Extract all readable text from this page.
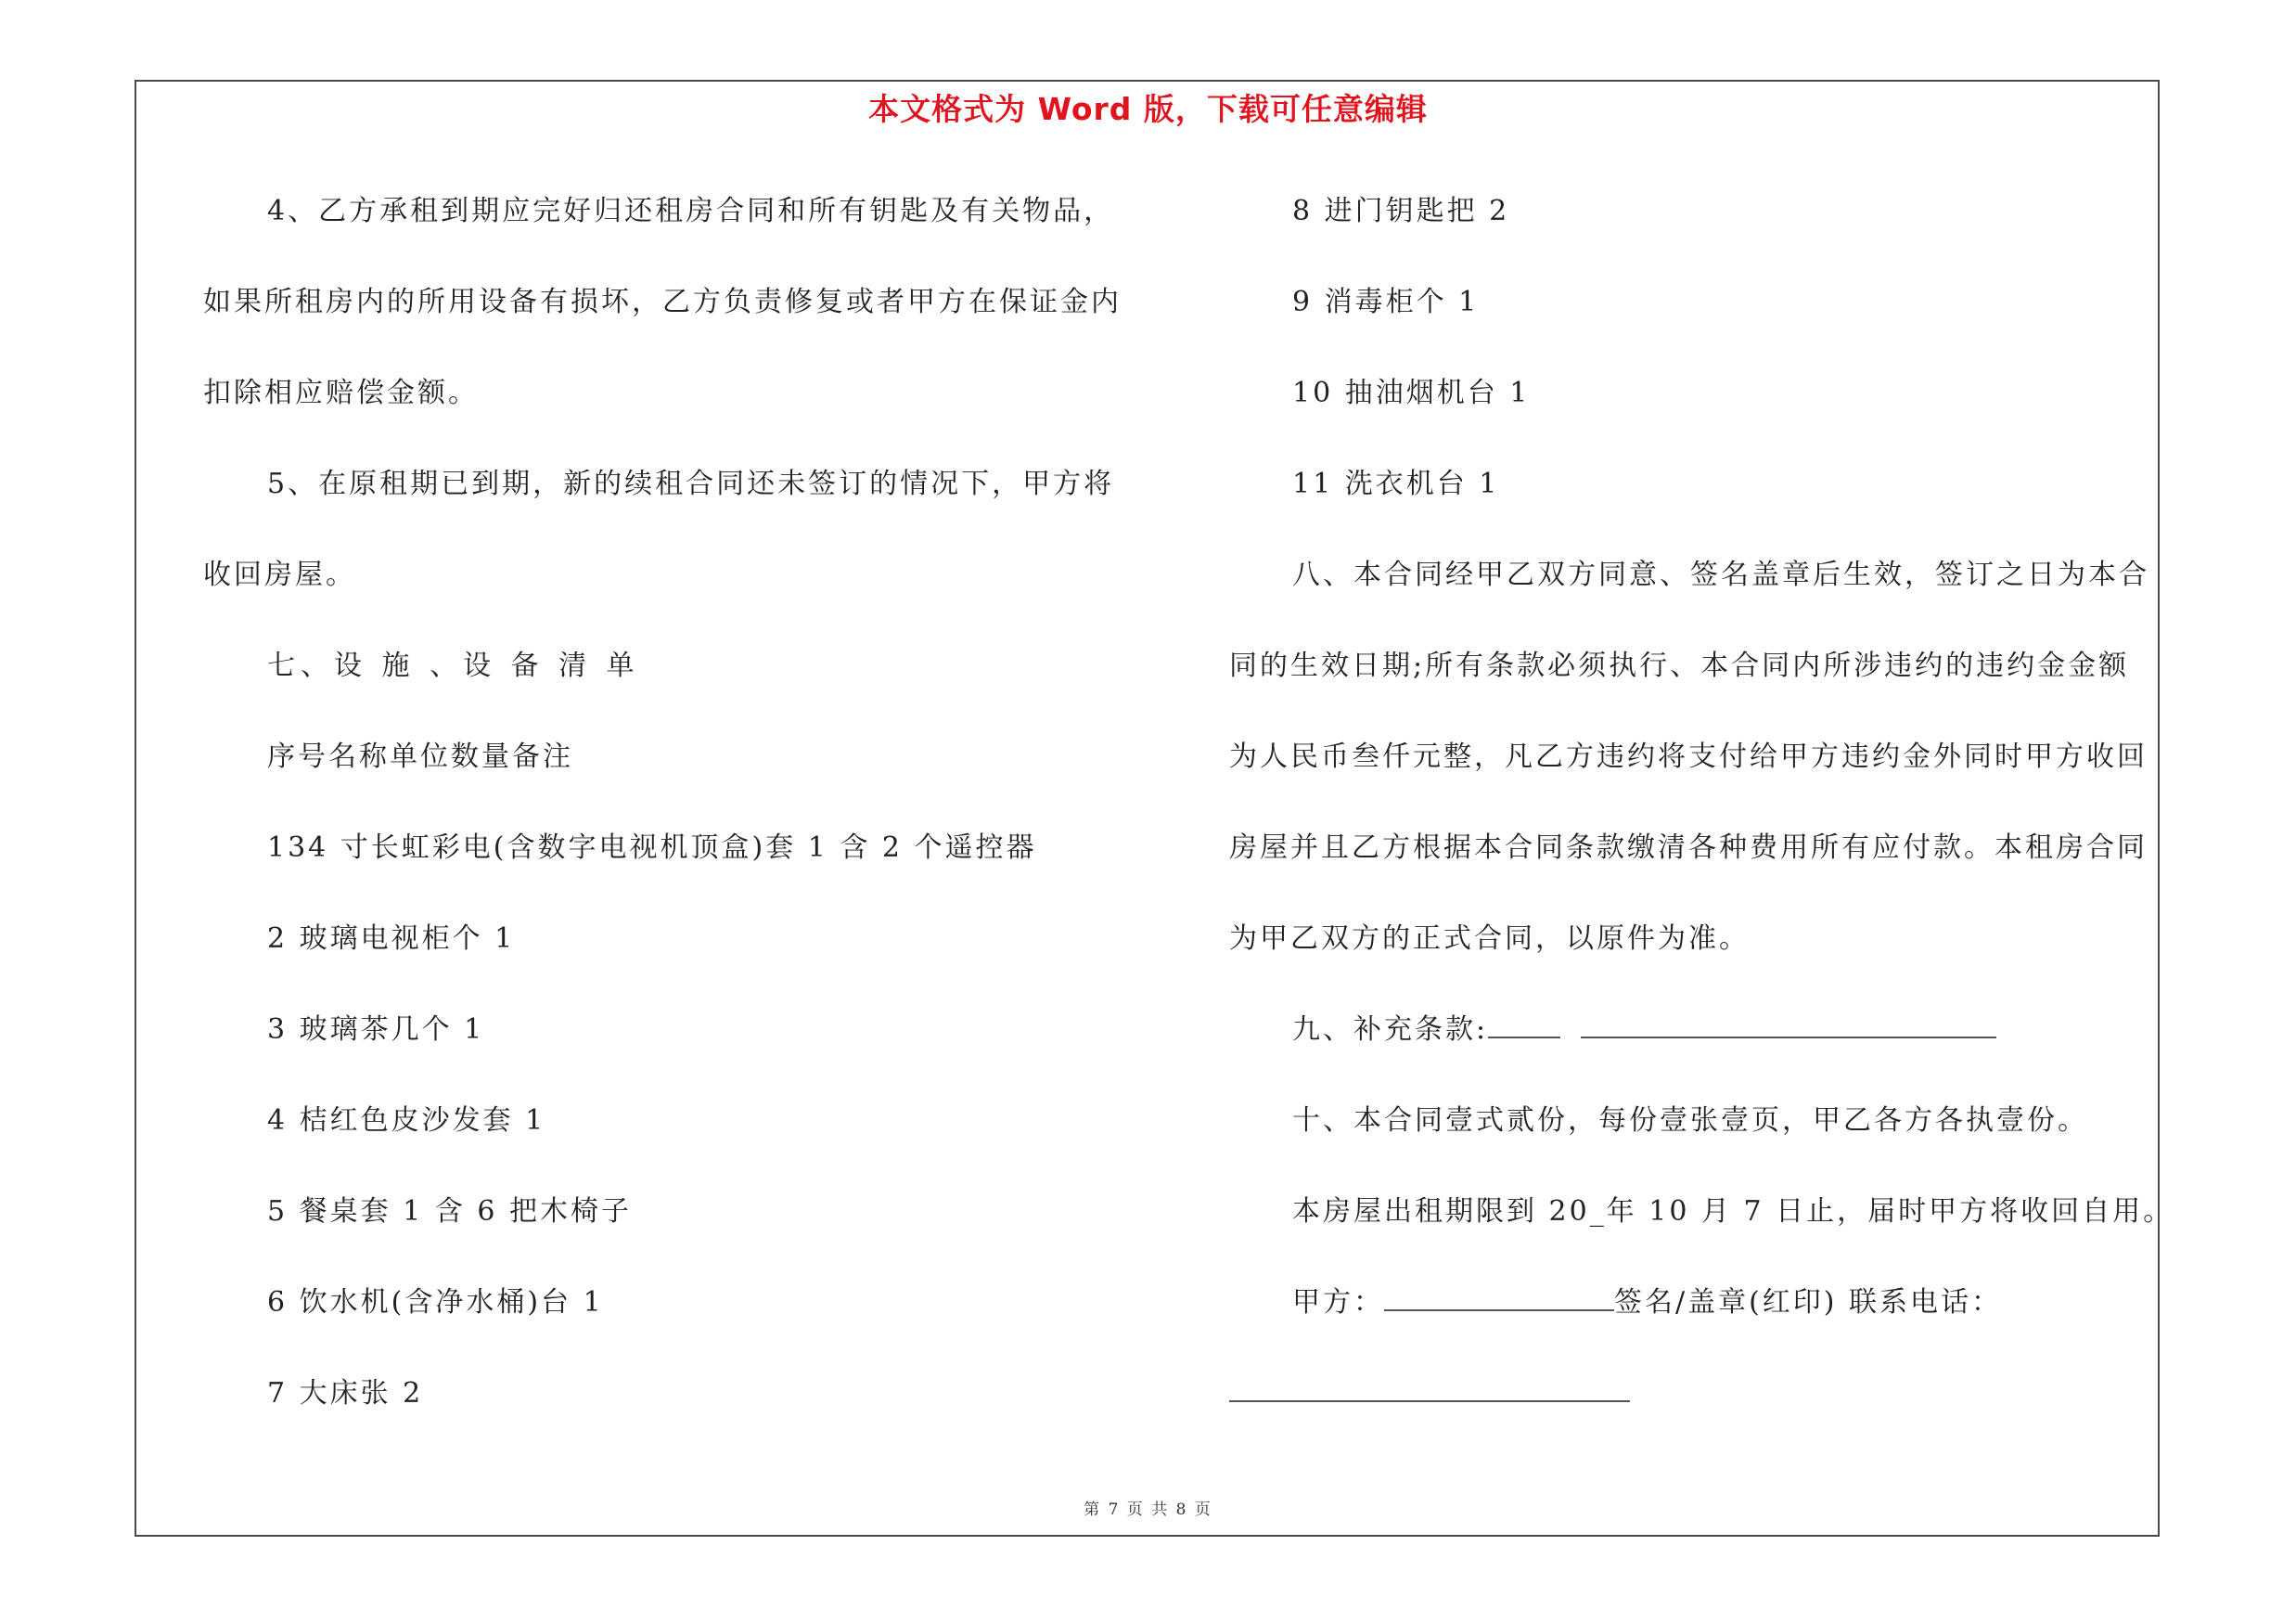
本文格式为 Word 版，下载可任意编辑
4、乙方承租到期应完好归还租房合同和所有钥匙及有关物品，
如果所租房内的所用设备有损坏，乙方负责修复或者甲方在保证金内
扣除相应赔偿金额。
5、在原租期已到期，新的续租合同还未签订的情况下，甲方将
收回房屋。
七、设 施 、设 备 清 单
序号名称单位数量备注
134 寸长虹彩电(含数字电视机顶盒)套 1 含 2 个遥控器
2 玻璃电视柜个 1
3 玻璃茶几个 1
4 桔红色皮沙发套 1
5 餐桌套 1 含 6 把木椅子
6 饮水机(含净水桶)台 1
7 大床张 2
8 进门钥匙把 2
9 消毒柜个 1
10 抽油烟机台 1
11 洗衣机台 1
八、本合同经甲乙双方同意、签名盖章后生效，签订之日为本合
同的生效日期;所有条款必须执行、本合同内所涉违约的违约金金额
为人民币叁仟元整，凡乙方违约将支付给甲方违约金外同时甲方收回
房屋并且乙方根据本合同条款缴清各种费用所有应付款。本租房合同
为甲乙双方的正式合同，以原件为准。
九、补充条款:
十、本合同壹式贰份，每份壹张壹页，甲乙各方各执壹份。
本房屋出租期限到 20_年 10 月 7 日止，届时甲方将收回自用。
甲方：	签名/盖章(红印) 联系电话：
第 7 页 共 8 页
